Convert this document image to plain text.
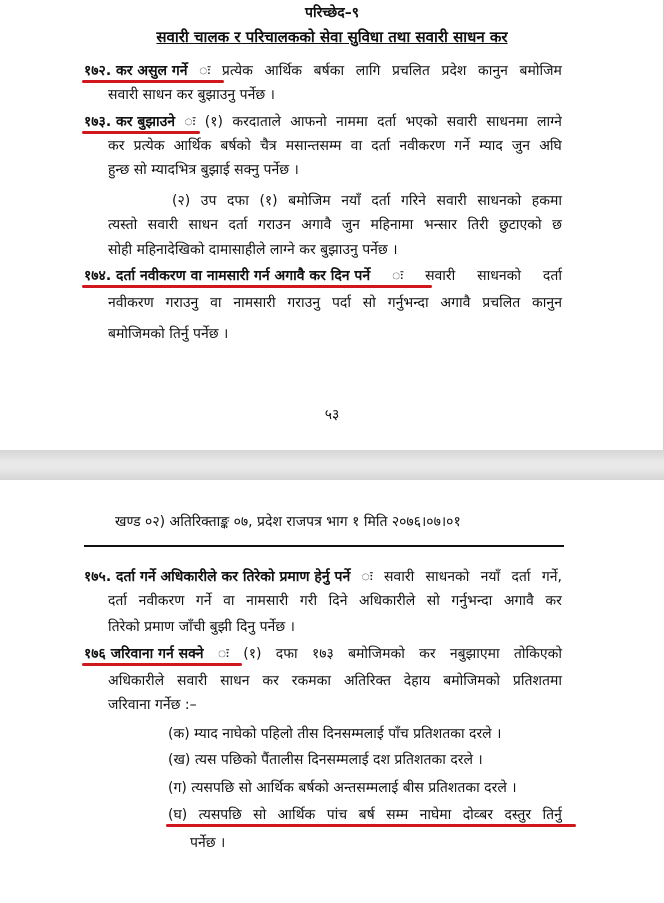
परिच्छेद–९
सवारी चालक र परिचालकको सेवा सुविधा तथा सवारी साधन कर
१७२. कर असुल गर्ने ः प्रत्येक आर्थिक बर्षका लागि प्रचलित प्रदेश कानुन बमोजिम
सवारी साधन कर बुझाउनु पर्नेछ ।
१७३. कर बुझाउने ः (१) करदाताले आफनो नाममा दर्ता भएको सवारी साधनमा लाग्ने
कर प्रत्येक आर्थिक बर्षको चैत्र मसान्तसम्म वा दर्ता नवीकरण गर्ने म्याद जुन अघि
हुन्छ सो म्यादभित्र बुझाई सक्नु पर्नेछ ।
(२) उप दफा (१) बमोजिम नयाँ दर्ता गरिने सवारी साधनको हकमा
त्यस्तो सवारी साधन दर्ता गराउन अगावै जुन महिनामा भन्सार तिरी छुटाएको छ
सोही महिनादेखिको दामासाहीले लाग्ने कर बुझाउनु पर्नेछ ।
१७४. दर्ता नवीकरण वा नामसारी गर्न अगावै कर दिन पर्ने ः सवारी साधनको दर्ता
नवीकरण गराउनु वा नामसारी गराउनु पर्दा सो गर्नुभन्दा अगावै प्रचलित कानुन
बमोजिमको तिर्नु पर्नेछ ।
५३
खण्ड ०२) अतिरिक्ताङ्क ०७, प्रदेश राजपत्र भाग १ मिति २०७६।०७।०१
१७५. दर्ता गर्ने अधिकारीले कर तिरेको प्रमाण हेर्नु पर्ने ः सवारी साधनको नयाँ दर्ता गर्ने,
दर्ता नवीकरण गर्ने वा नामसारी गरी दिने अधिकारीले सो गर्नुभन्दा अगावै कर
तिरेको प्रमाण जाँची बुझी दिनु पर्नेछ ।
१७६ जरिवाना गर्न सक्ने ः (१) दफा १७३ बमोजिमको कर नबुझाएमा तोकिएको
अधिकारीले सवारी साधन कर रकमका अतिरिक्त देहाय बमोजिमको प्रतिशतमा
जरिवाना गर्नेछ :–
(क) म्याद नाघेको पहिलो तीस दिनसम्मलाई पाँच प्रतिशतका दरले ।
(ख) त्यस पछिको पैंतालीस दिनसम्मलाई दश प्रतिशतका दरले ।
(ग) त्यसपछि सो आर्थिक बर्षको अन्तसम्मलाई बीस प्रतिशतका दरले ।
(घ) त्यसपछि सो आर्थिक पांच बर्ष सम्म नाघेमा दोव्बर दस्तुर तिर्नु
पर्नेछ ।
